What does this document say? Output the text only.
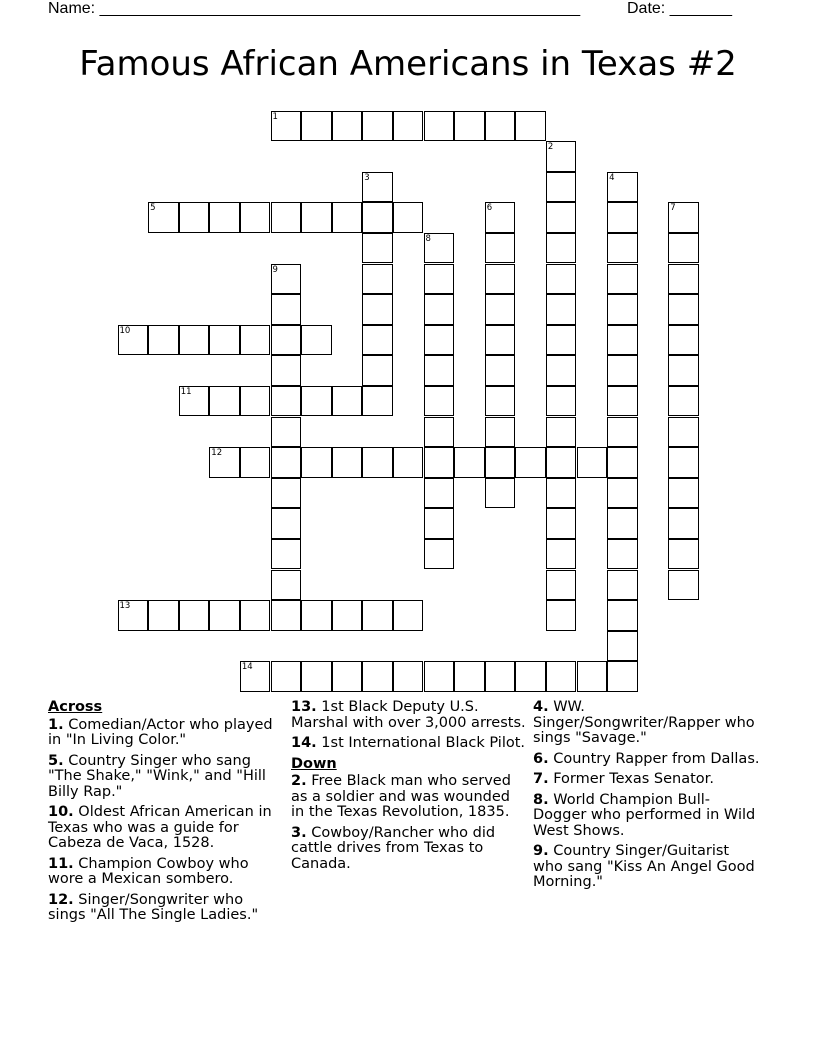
Name: ______________________________________________________	Date: _______
Famous African Americans in Texas #2
1
2
3	4
5	6	7
8
9
10
11
12
13
14
Across
1. Comedian/Actor who played in "In Living Color."
5. Country Singer who sang "The Shake," "Wink," and "Hill Billy Rap."
10. Oldest African American in Texas who was a guide for Cabeza de Vaca, 1528.
11. Champion Cowboy who wore a Mexican sombero.
12. Singer/Songwriter who sings "All The Single Ladies."
13. 1st Black Deputy U.S. Marshal with over 3,000 arrests.
14. 1st International Black Pilot.
Down
2. Free Black man who served as a soldier and was wounded in the Texas Revolution, 1835.
3. Cowboy/Rancher who did cattle drives from Texas to Canada.
4. WW. Singer/Songwriter/Rapper who sings "Savage."
6. Country Rapper from Dallas.
7. Former Texas Senator.
8. World Champion Bull-Dogger who performed in Wild West Shows.
9. Country Singer/Guitarist who sang "Kiss An Angel Good Morning."
